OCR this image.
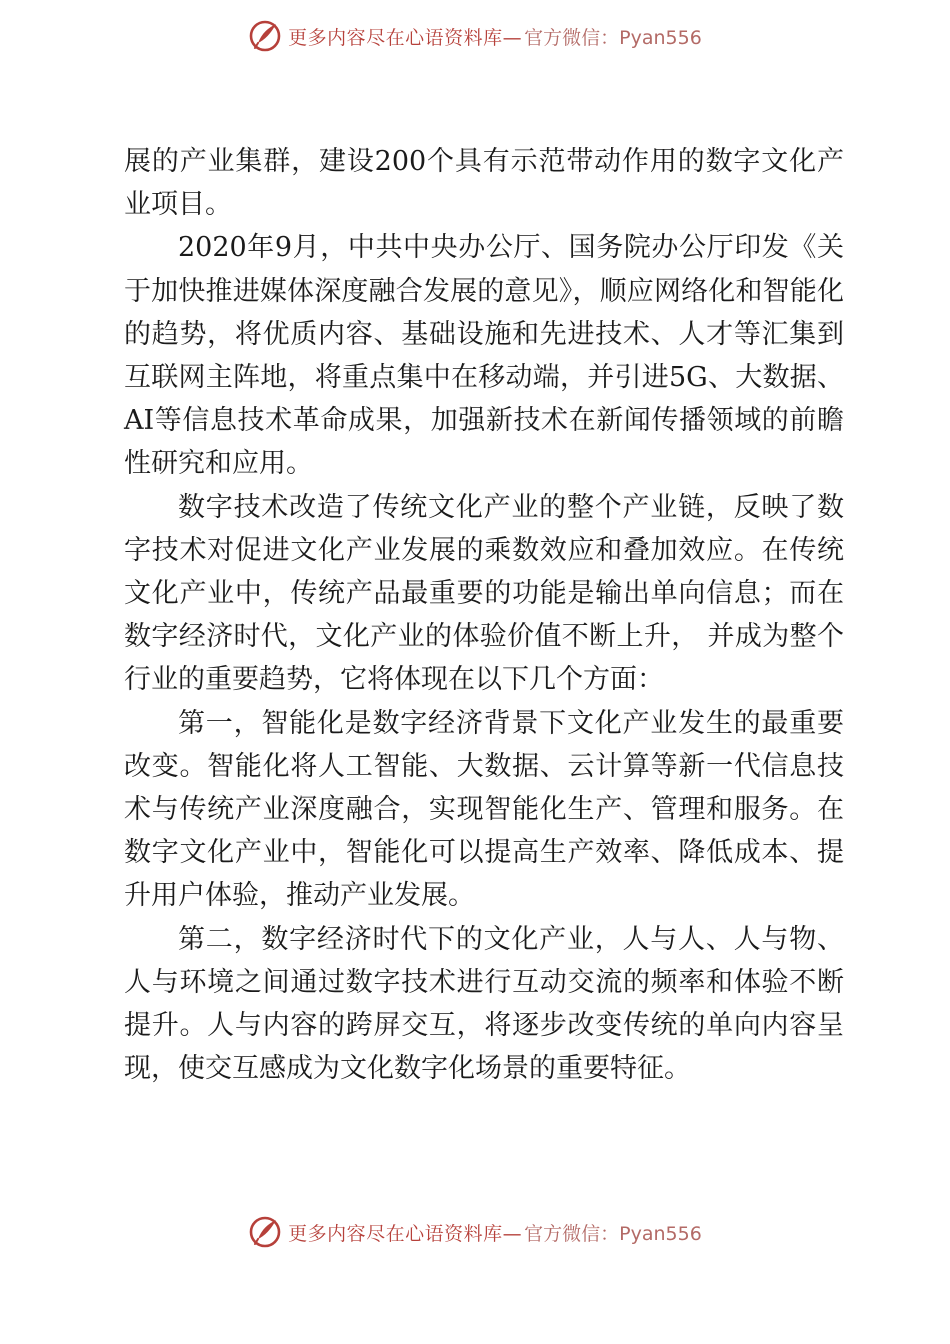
更多内容尽在心语资料库— 官方微信：Pyan556

展的产业集群，建设200个具有示范带动作用的数字文化产业项目。

2020年9月，中共中央办公厅、国务院办公厅印发《关于加快推进媒体深度融合发展的意见》，顺应网络化和智能化的趋势，将优质内容、基础设施和先进技术、人才等汇集到互联网主阵地，将重点集中在移动端，并引进5G、大数据、AI等信息技术革命成果，加强新技术在新闻传播领域的前瞻性研究和应用。

数字技术改造了传统文化产业的整个产业链，反映了数字技术对促进文化产业发展的乘数效应和叠加效应。在传统文化产业中，传统产品最重要的功能是输出单向信息；而在数字经济时代，文化产业的体验价值不断上升， 并成为整个行业的重要趋势，它将体现在以下几个方面：

第一，智能化是数字经济背景下文化产业发生的最重要改变。智能化将人工智能、大数据、云计算等新一代信息技术与传统产业深度融合，实现智能化生产、管理和服务。在数字文化产业中，智能化可以提高生产效率、降低成本、提升用户体验，推动产业发展。

第二，数字经济时代下的文化产业，人与人、人与物、人与环境之间通过数字技术进行互动交流的频率和体验不断提升。人与内容的跨屏交互，将逐步改变传统的单向内容呈现，使交互感成为文化数字化场景的重要特征。

更多内容尽在心语资料库— 官方微信：Pyan556
